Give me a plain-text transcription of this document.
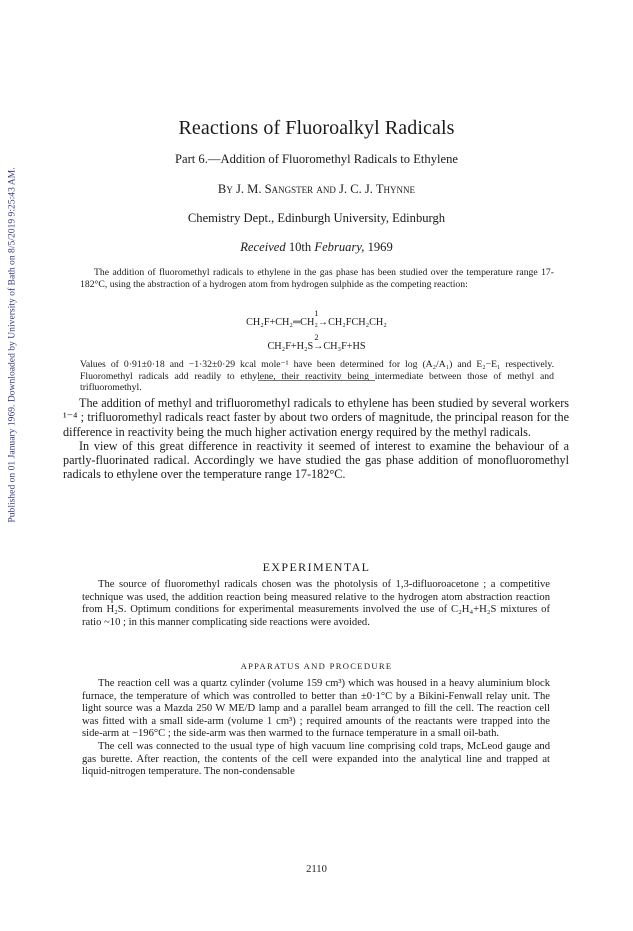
Published on 01 January 1969. Downloaded by University of Bath on 8/5/2019 9:25:43 AM.
Reactions of Fluoroalkyl Radicals
Part 6.—Addition of Fluoromethyl Radicals to Ethylene
By J. M. Sangster and J. C. J. Thynne
Chemistry Dept., Edinburgh University, Edinburgh
Received 10th February, 1969

The addition of fluoromethyl radicals to ethylene in the gas phase has been studied over the temperature range 17-182°C, using the abstraction of a hydrogen atom from hydrogen sulphide as the competing reaction:

1
CH₂F+CH₂═CH₂→CH₂FCH₂CH₂
2
CH₂F+H₂S→CH₃F+HS

Values of 0·91±0·18 and −1·32±0·29 kcal mole⁻¹ have been determined for log (A₂/A₁) and E₂−E₁ respectively. Fluoromethyl radicals add readily to ethylene, their reactivity being intermediate between those of methyl and trifluoromethyl.

The addition of methyl and trifluoromethyl radicals to ethylene has been studied by several workers ¹⁻⁴ ; trifluoromethyl radicals react faster by about two orders of magnitude, the principal reason for the difference in reactivity being the much higher activation energy required by the methyl radicals.

In view of this great difference in reactivity it seemed of interest to examine the behaviour of a partly-fluorinated radical. Accordingly we have studied the gas phase addition of monofluoromethyl radicals to ethylene over the temperature range 17-182°C.

EXPERIMENTAL

The source of fluoromethyl radicals chosen was the photolysis of 1,3-difluoroacetone ; a competitive technique was used, the addition reaction being measured relative to the hydrogen atom abstraction reaction from H₂S. Optimum conditions for experimental measurements involved the use of C₂H₄+H₂S mixtures of ratio ~10 ; in this manner complicating side reactions were avoided.

APPARATUS AND PROCEDURE

The reaction cell was a quartz cylinder (volume 159 cm³) which was housed in a heavy aluminium block furnace, the temperature of which was controlled to better than ±0·1°C by a Bikini-Fenwall relay unit. The light source was a Mazda 250 W ME/D lamp and a parallel beam arranged to fill the cell. The reaction cell was fitted with a small side-arm (volume 1 cm³) ; required amounts of the reactants were trapped into the side-arm at −196°C ; the side-arm was then warmed to the furnace temperature in a small oil-bath.

The cell was connected to the usual type of high vacuum line comprising cold traps, McLeod gauge and gas burette. After reaction, the contents of the cell were expanded into the analytical line and trapped at liquid-nitrogen temperature. The non-condensable

2110
